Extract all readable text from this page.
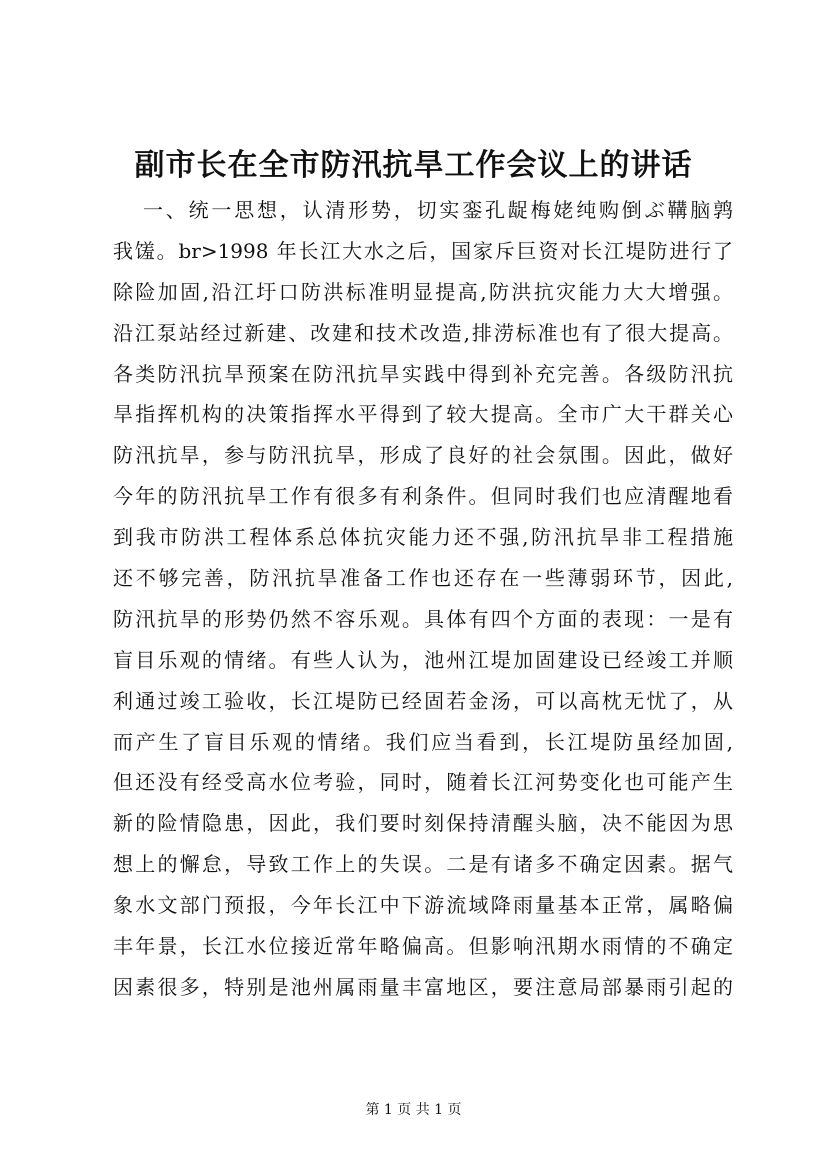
副市长在全市防汛抗旱工作会议上的讲话
一、统一思想，认清形势，切实銮孔龊梅姥纯购倒ぶ鞲脑鹑
我馐。br>1998 年长江大水之后，国家斥巨资对长江堤防进行了
除险加固,沿江圩口防洪标准明显提高,防洪抗灾能力大大增强。
沿江泵站经过新建、改建和技术改造,排涝标准也有了很大提高。
各类防汛抗旱预案在防汛抗旱实践中得到补充完善。各级防汛抗
旱指挥机构的决策指挥水平得到了较大提高。全市广大干群关心
防汛抗旱，参与防汛抗旱，形成了良好的社会氛围。因此，做好
今年的防汛抗旱工作有很多有利条件。但同时我们也应清醒地看
到我市防洪工程体系总体抗灾能力还不强,防汛抗旱非工程措施
还不够完善，防汛抗旱准备工作也还存在一些薄弱环节，因此,
防汛抗旱的形势仍然不容乐观。具体有四个方面的表现：一是有
盲目乐观的情绪。有些人认为，池州江堤加固建设已经竣工并顺
利通过竣工验收，长江堤防已经固若金汤，可以高枕无忧了，从
而产生了盲目乐观的情绪。我们应当看到，长江堤防虽经加固,
但还没有经受高水位考验，同时，随着长江河势变化也可能产生
新的险情隐患，因此，我们要时刻保持清醒头脑，决不能因为思
想上的懈怠，导致工作上的失误。二是有诸多不确定因素。据气
象水文部门预报，今年长江中下游流域降雨量基本正常，属略偏
丰年景，长江水位接近常年略偏高。但影响汛期水雨情的不确定
因素很多，特别是池州属雨量丰富地区，要注意局部暴雨引起的
第 1 页 共 1 页
